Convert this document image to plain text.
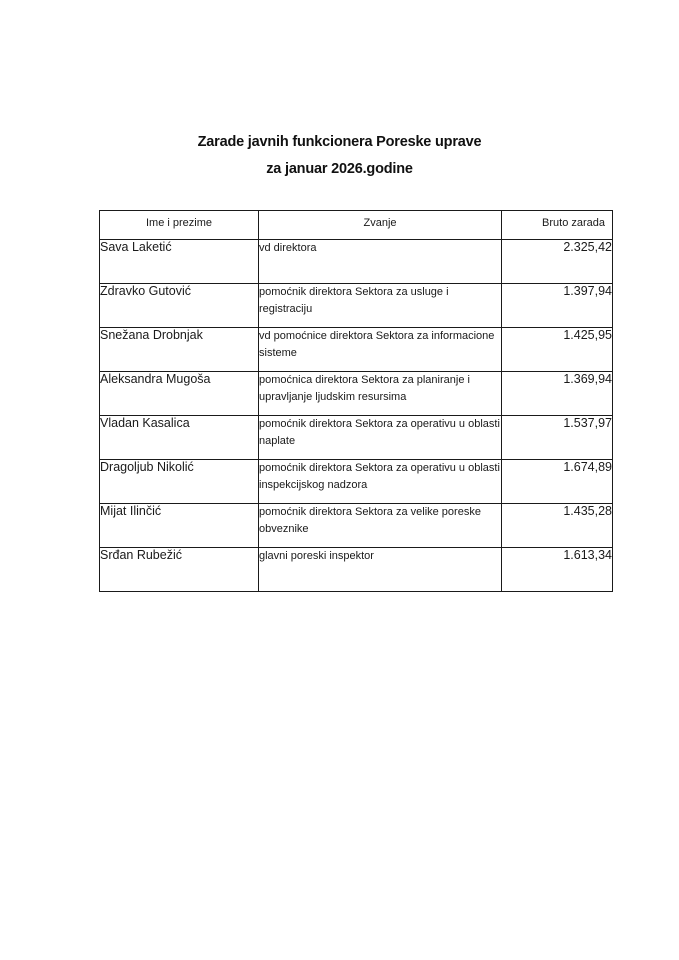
Zarade javnih funkcionera Poreske uprave
za januar 2026.godine
Ime i prezime	Zvanje	Bruto zarada
Sava Laketić	vd direktora	2.325,42
Zdravko Gutović	pomoćnik direktora Sektora za usluge i registraciju	1.397,94
Snežana Drobnjak	vd pomoćnice direktora Sektora za informacione sisteme	1.425,95
Aleksandra Mugoša	pomoćnica direktora Sektora za planiranje i upravljanje ljudskim resursima	1.369,94
Vladan Kasalica	pomoćnik direktora Sektora za operativu u oblasti naplate	1.537,97
Dragoljub Nikolić	pomoćnik direktora Sektora za operativu u oblasti inspekcijskog nadzora	1.674,89
Mijat Ilinčić	pomoćnik direktora Sektora za velike poreske obveznike	1.435,28
Srđan Rubežić	glavni poreski inspektor	1.613,34
